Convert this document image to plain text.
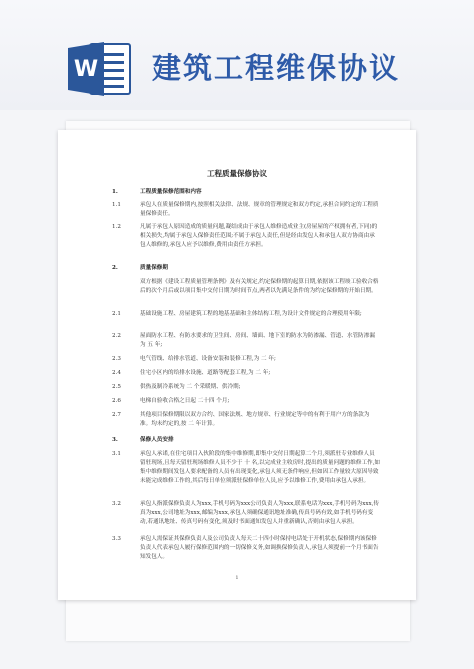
W 建筑工程维保协议
工程质量保修协议
1.	工程质量保修范围和内容
1.1	承包人在质量保修期内,按照相关法律、法规、规章的管理规定和双方约定,承担合同约定的工程质量保修责任。
1.2	凡属于承包人原因造成的质量问题,凝结成由于承包人维修造成业主(房屋屋的产权拥有者,下同)的相关损失,均属于承包人保修责任范围;不属于承包人责任,但是经由发包人和承包人双方协商由承包人维修的,承包人应予以维修,费用由责任方承担。
2.	质量保修期
双方根据《建设工程质量管理条例》及有关规定,约定保修期的起算日期,依据该工程竣工验收合格后的次个月后或以项目集中交付日期为时间节点,两者以先满足条件的为约定保修期的开始日期。
2.1	基础设施工程、房屋建筑工程的地基基础和主体结构工程,为设计文件规定的合理使用年限;
2.2	屋面防水工程、有防水要求的卫生间、房间、墙面、地下室的防水为防渗漏、管道、水管防渗漏为 五 年;
2.3	电气管线、给排水管道、设备安装和装修工程,为 二 年;
2.4	住宅小区内的给排水设施、道路等配套工程,为 二 年;
2.5	供热及制冷系统为 二 个采暖期、供冷期;
2.6	电梯自验收合格之日起 二十四 个月;
2.7	其他项目保修期限以双方合约、国家法规、地方规章、行业规定等中的有利于用户方的条款为准。均未约定的,按 二 年计算。
3.	保修人员安排
3.1	承包人承诺,在住宅项目入伙阶段的集中维修期,即集中交付日期起算二个月,须派驻专业维修人员留驻现场,且每天留驻现场维修人员不少于 十 名,以完成业主收房时,提出的质量问题的维修工作,如集中维修期间发包人要求配备的人员有出现变化,承包人须无条件响应,但如因工作量较大原因导致未能完成维修工作的,其后每日单位须派驻保修单位人员,应予以维修工作,费用由承包人承担。
3.2	承包人指派保修负责人为xxx,手机号码为xxx公司负责人为xxx,联系电话为xxx,手机号码为xxx,传真为xxx,公司地址为xxx,邮编为xxx,承包人须确保通讯地址准确,传真号码有效,如手机号码有变动,若通讯地址、传真号码有变化,须及时书面通知发包人并重新确认,否则由承包人承担。
3.3	承包人需保证其保修负责人及公司负责人每天二十四小时保持电话处于开机状态,保修期内该保修负责人代表承包人履行保修范围内的一切保修义务,如调换保修负责人,承包人须提前一个月书面告知发包人。
1
